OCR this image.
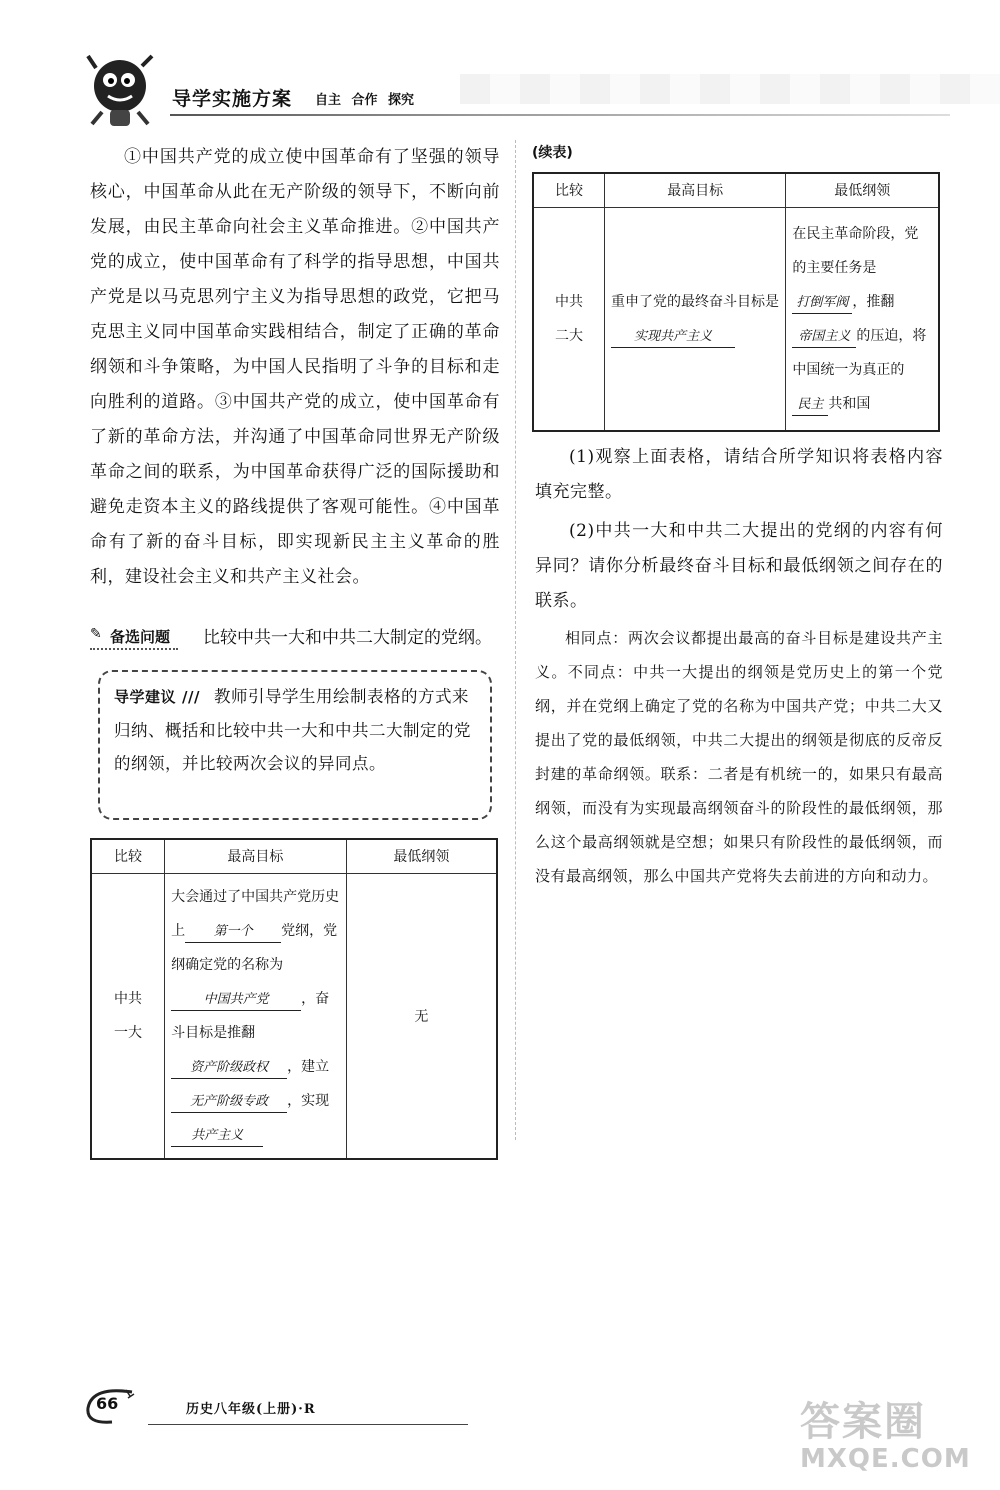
导学实施方案 自主 合作 探究

①中国共产党的成立使中国革命有了坚强的领导核心，中国革命从此在无产阶级的领导下，不断向前发展，由民主革命向社会主义革命推进。②中国共产党的成立，使中国革命有了科学的指导思想，中国共产党是以马克思列宁主义为指导思想的政党，它把马克思主义同中国革命实践相结合，制定了正确的革命纲领和斗争策略，为中国人民指明了斗争的目标和走向胜利的道路。③中国共产党的成立，使中国革命有了新的革命方法，并沟通了中国革命同世界无产阶级革命之间的联系，为中国革命获得广泛的国际援助和避免走资本主义的路线提供了客观可能性。④中国革命有了新的奋斗目标，即实现新民主主义革命的胜利，建设社会主义和共产主义社会。

✎ 备选问题	比较中共一大和中共二大制定的党纲。
导学建议 /// 教师引导学生用绘制表格的方式来归纳、概括和比较中共一大和中共二大制定的党的纲领，并比较两次会议的异同点。
比较	最高目标	最低纲领

中共一大	大会通过了中国共产党历史上 第一个 党纲，党纲确定党的名称为中国共产党 ，奋斗目标是推翻资产阶级政权 ，建立无产阶级专政 ，实现共产主义	无
(续表)
比较	最高目标	最低纲领

中共二大	重申了党的最终奋斗目标是实现共产主义	在民主革命阶段，党的主要任务是打倒军阀 ，推翻帝国主义 的压迫，将中国统一为真正的民主 共和国

(1)观察上面表格，请结合所学知识将表格内容填充完整。

(2)中共一大和中共二大提出的党纲的内容有何异同？请你分析最终奋斗目标和最低纲领之间存在的联系。

相同点：两次会议都提出最高的奋斗目标是建设共产主义。不同点：中共一大提出的纲领是党历史上的第一个党纲，并在党纲上确定了党的名称为中国共产党；中共二大又提出了党的最低纲领，中共二大提出的纲领是彻底的反帝反封建的革命纲领。联系：二者是有机统一的，如果只有最高纲领，而没有为实现最高纲领奋斗的阶段性的最低纲领，那么这个最高纲领就是空想；如果只有阶段性的最低纲领，而没有最高纲领，那么中国共产党将失去前进的方向和动力。

66	历史八年级(上册)·R	答案圈
MXQE.COM
